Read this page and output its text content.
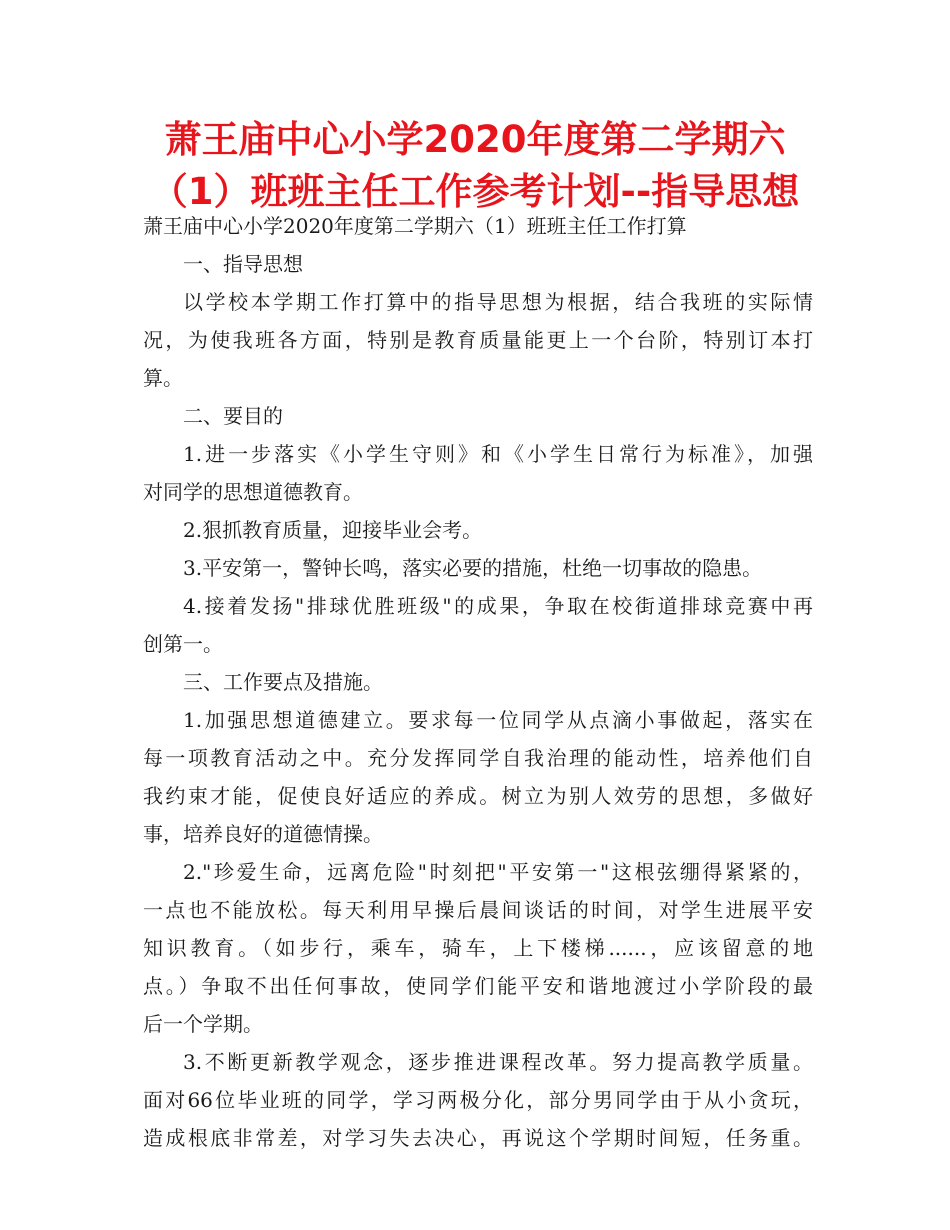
萧王庙中心小学2020年度第二学期六
（1）班班主任工作参考计划--指导思想
萧王庙中心小学2020年度第二学期六（1）班班主任工作打算
一、指导思想
以学校本学期工作打算中的指导思想为根据，结合我班的实际情
况，为使我班各方面，特别是教育质量能更上一个台阶，特别订本打
算。
二、要目的
1.进一步落实《小学生守则》和《小学生日常行为标准》，加强
对同学的思想道德教育。
2.狠抓教育质量，迎接毕业会考。
3.平安第一，警钟长鸣，落实必要的措施，杜绝一切事故的隐患。
4.接着发扬"排球优胜班级"的成果，争取在校街道排球竞赛中再
创第一。
三、工作要点及措施。
1.加强思想道德建立。要求每一位同学从点滴小事做起，落实在
每一项教育活动之中。充分发挥同学自我治理的能动性，培养他们自
我约束才能，促使良好适应的养成。树立为别人效劳的思想，多做好
事，培养良好的道德情操。
2."珍爱生命，远离危险"时刻把"平安第一"这根弦绷得紧紧的，
一点也不能放松。每天利用早操后晨间谈话的时间，对学生进展平安
知识教育。（如步行，乘车，骑车，上下楼梯......，应该留意的地
点。）争取不出任何事故，使同学们能平安和谐地渡过小学阶段的最
后一个学期。
3.不断更新教学观念，逐步推进课程改革。努力提高教学质量。
面对66位毕业班的同学，学习两极分化，部分男同学由于从小贪玩，
造成根底非常差，对学习失去决心，再说这个学期时间短，任务重。
